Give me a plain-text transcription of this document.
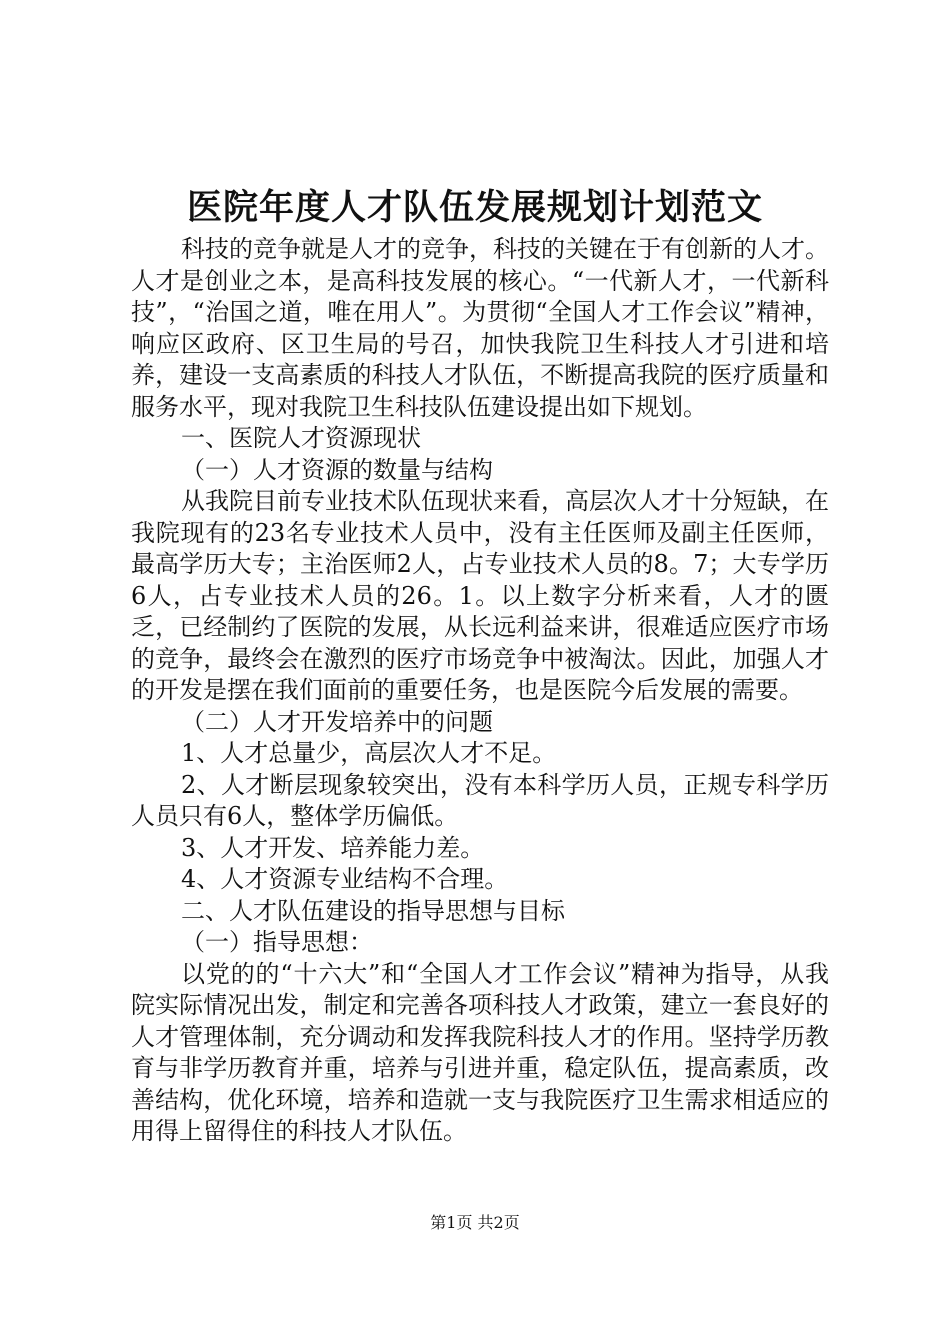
医院年度人才队伍发展规划计划范文

科技的竞争就是人才的竞争，科技的关键在于有创新的人才。人才是创业之本，是高科技发展的核心。“一代新人才，一代新科技”，“治国之道，唯在用人”。为贯彻“全国人才工作会议”精神，响应区政府、区卫生局的号召，加快我院卫生科技人才引进和培养，建设一支高素质的科技人才队伍，不断提高我院的医疗质量和服务水平，现对我院卫生科技队伍建设提出如下规划。

一、医院人才资源现状

（一）人才资源的数量与结构

从我院目前专业技术队伍现状来看，高层次人才十分短缺，在我院现有的23名专业技术人员中，没有主任医师及副主任医师，最高学历大专；主治医师2人，占专业技术人员的8。7；大专学历6人，占专业技术人员的26。1。以上数字分析来看，人才的匮乏，已经制约了医院的发展，从长远利益来讲，很难适应医疗市场的竞争，最终会在激烈的医疗市场竞争中被淘汰。因此，加强人才的开发是摆在我们面前的重要任务，也是医院今后发展的需要。

（二）人才开发培养中的问题

1、人才总量少，高层次人才不足。

2、人才断层现象较突出，没有本科学历人员，正规专科学历人员只有6人，整体学历偏低。

3、人才开发、培养能力差。

4、人才资源专业结构不合理。

二、人才队伍建设的指导思想与目标

（一）指导思想：

以党的的“十六大”和“全国人才工作会议”精神为指导，从我院实际情况出发，制定和完善各项科技人才政策，建立一套良好的人才管理体制，充分调动和发挥我院科技人才的作用。坚持学历教育与非学历教育并重，培养与引进并重，稳定队伍，提高素质，改善结构，优化环境，培养和造就一支与我院医疗卫生需求相适应的用得上留得住的科技人才队伍。

第1页 共2页
